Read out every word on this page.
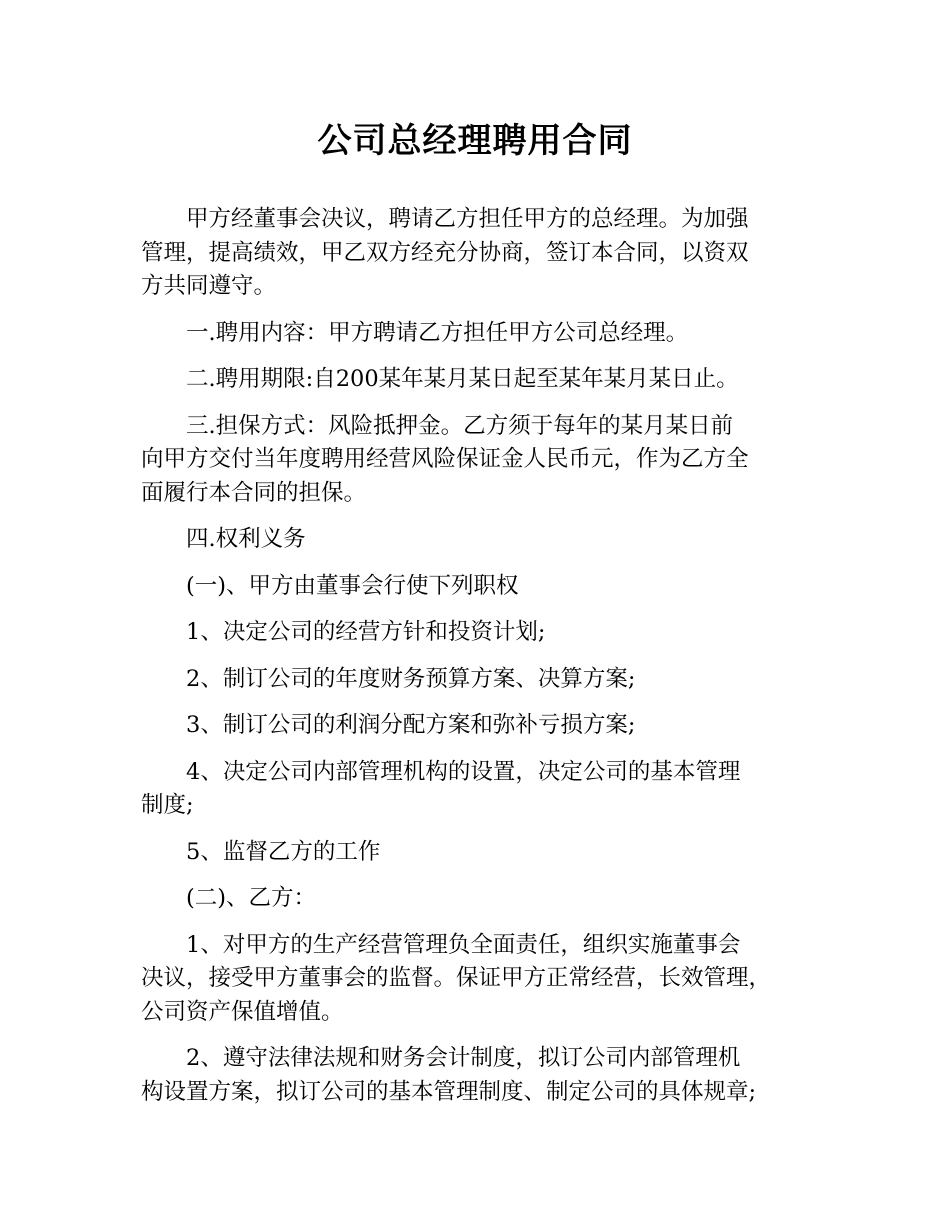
公司总经理聘用合同
甲方经董事会决议，聘请乙方担任甲方的总经理。为加强
管理，提高绩效，甲乙双方经充分协商，签订本合同，以资双
方共同遵守。
一.聘用内容：甲方聘请乙方担任甲方公司总经理。
二.聘用期限:自200某年某月某日起至某年某月某日止。
三.担保方式：风险抵押金。乙方须于每年的某月某日前
向甲方交付当年度聘用经营风险保证金人民币元，作为乙方全
面履行本合同的担保。
四.权利义务
(一)、甲方由董事会行使下列职权
1、决定公司的经营方针和投资计划;
2、制订公司的年度财务预算方案、决算方案;
3、制订公司的利润分配方案和弥补亏损方案;
4、决定公司内部管理机构的设置，决定公司的基本管理
制度;
5、监督乙方的工作
(二)、乙方：
1、对甲方的生产经营管理负全面责任，组织实施董事会
决议，接受甲方董事会的监督。保证甲方正常经营，长效管理，
公司资产保值增值。
2、遵守法律法规和财务会计制度，拟订公司内部管理机
构设置方案，拟订公司的基本管理制度、制定公司的具体规章;
